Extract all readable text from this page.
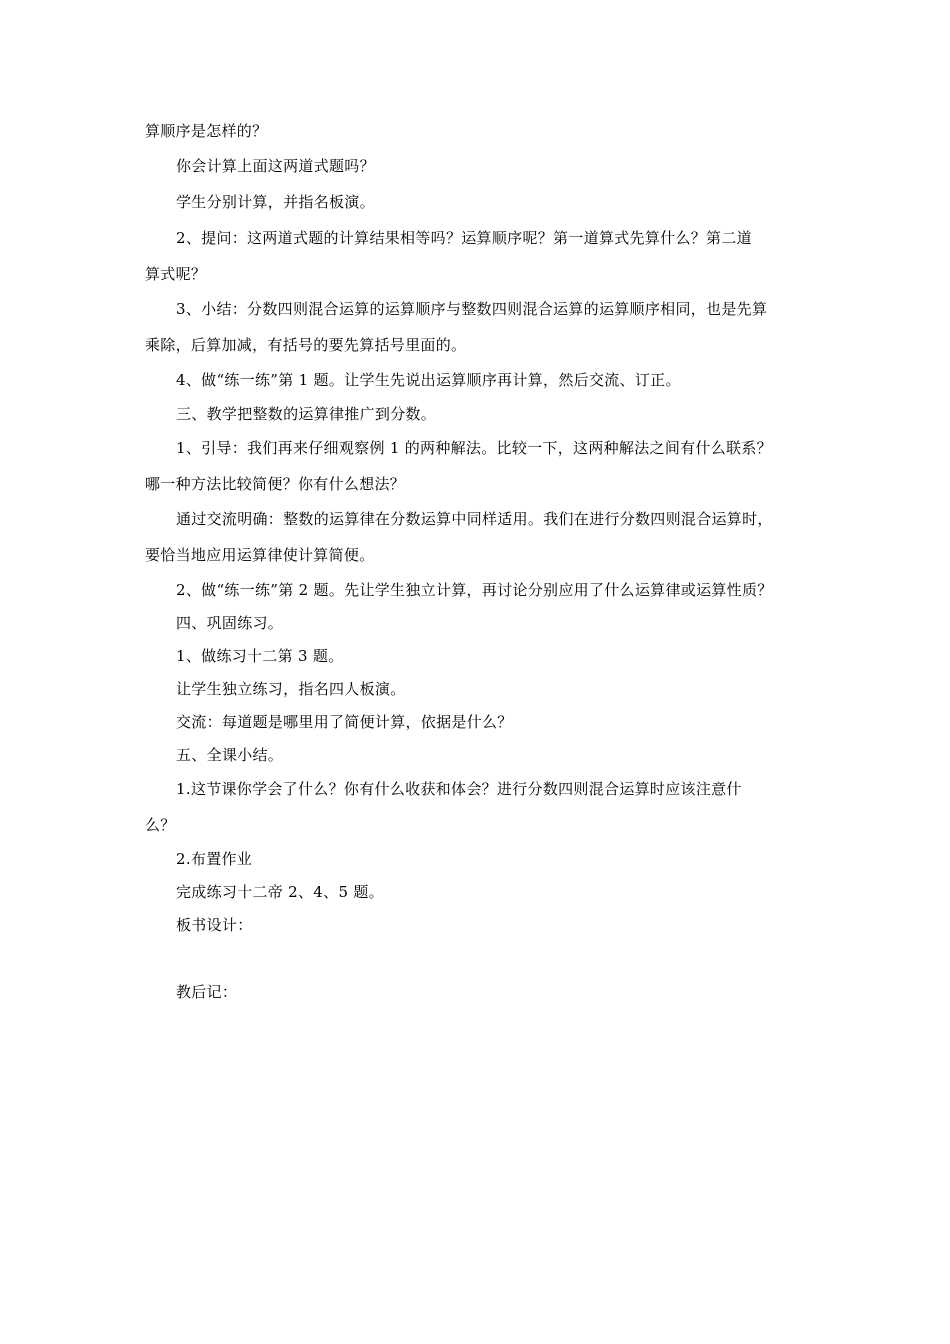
算顺序是怎样的？
你会计算上面这两道式题吗？
学生分别计算，并指名板演。
2、提问：这两道式题的计算结果相等吗？运算顺序呢？第一道算式先算什么？第二道
算式呢？
3、小结：分数四则混合运算的运算顺序与整数四则混合运算的运算顺序相同，也是先算
乘除，后算加减，有括号的要先算括号里面的。
4、做“练一练”第 1 题。让学生先说出运算顺序再计算，然后交流、订正。
三、教学把整数的运算律推广到分数。
1、引导：我们再来仔细观察例 1 的两种解法。比较一下，这两种解法之间有什么联系？
哪一种方法比较简便？你有什么想法？
通过交流明确：整数的运算律在分数运算中同样适用。我们在进行分数四则混合运算时，
要恰当地应用运算律使计算简便。
2、做“练一练”第 2 题。先让学生独立计算，再讨论分别应用了什么运算律或运算性质？
四、巩固练习。
1、做练习十二第 3 题。
让学生独立练习，指名四人板演。
交流：每道题是哪里用了简便计算，依据是什么？
五、全课小结。
1.这节课你学会了什么？你有什么收获和体会？进行分数四则混合运算时应该注意什
么？
2.布置作业
完成练习十二帝 2、4、5 题。
板书设计：
教后记：
